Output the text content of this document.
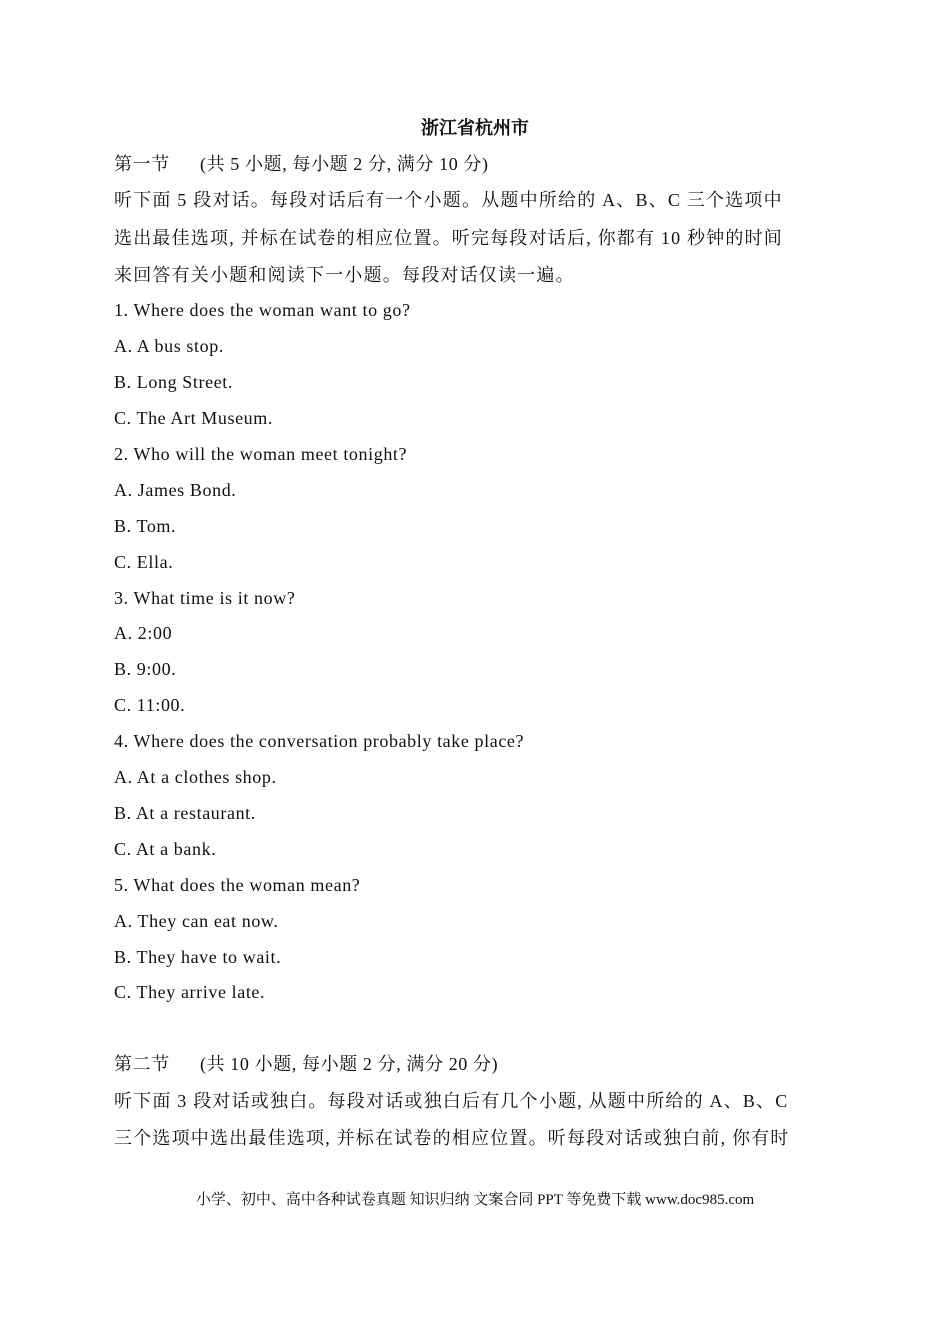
浙江省杭州市
第一节 (共 5 小题, 每小题 2 分, 满分 10 分)
听下面 5 段对话。每段对话后有一个小题。从题中所给的 A、B、C 三个选项中
选出最佳选项, 并标在试卷的相应位置。听完每段对话后, 你都有 10 秒钟的时间
来回答有关小题和阅读下一小题。每段对话仅读一遍。
1. Where does the woman want to go?
A. A bus stop.
B. Long Street.
C. The Art Museum.
2. Who will the woman meet tonight?
A. James Bond.
B. Tom.
C. Ella.
3. What time is it now?
A. 2:00
B. 9:00.
C. 11:00.
4. Where does the conversation probably take place?
A. At a clothes shop.
B. At a restaurant.
C. At a bank.
5. What does the woman mean?
A. They can eat now.
B. They have to wait.
C. They arrive late.
第二节 (共 10 小题, 每小题 2 分, 满分 20 分)
听下面 3 段对话或独白。每段对话或独白后有几个小题, 从题中所给的 A、B、C
三个选项中选出最佳选项, 并标在试卷的相应位置。听每段对话或独白前, 你有时
小学、初中、高中各种试卷真题 知识归纳 文案合同 PPT 等免费下载 www.doc985.com
